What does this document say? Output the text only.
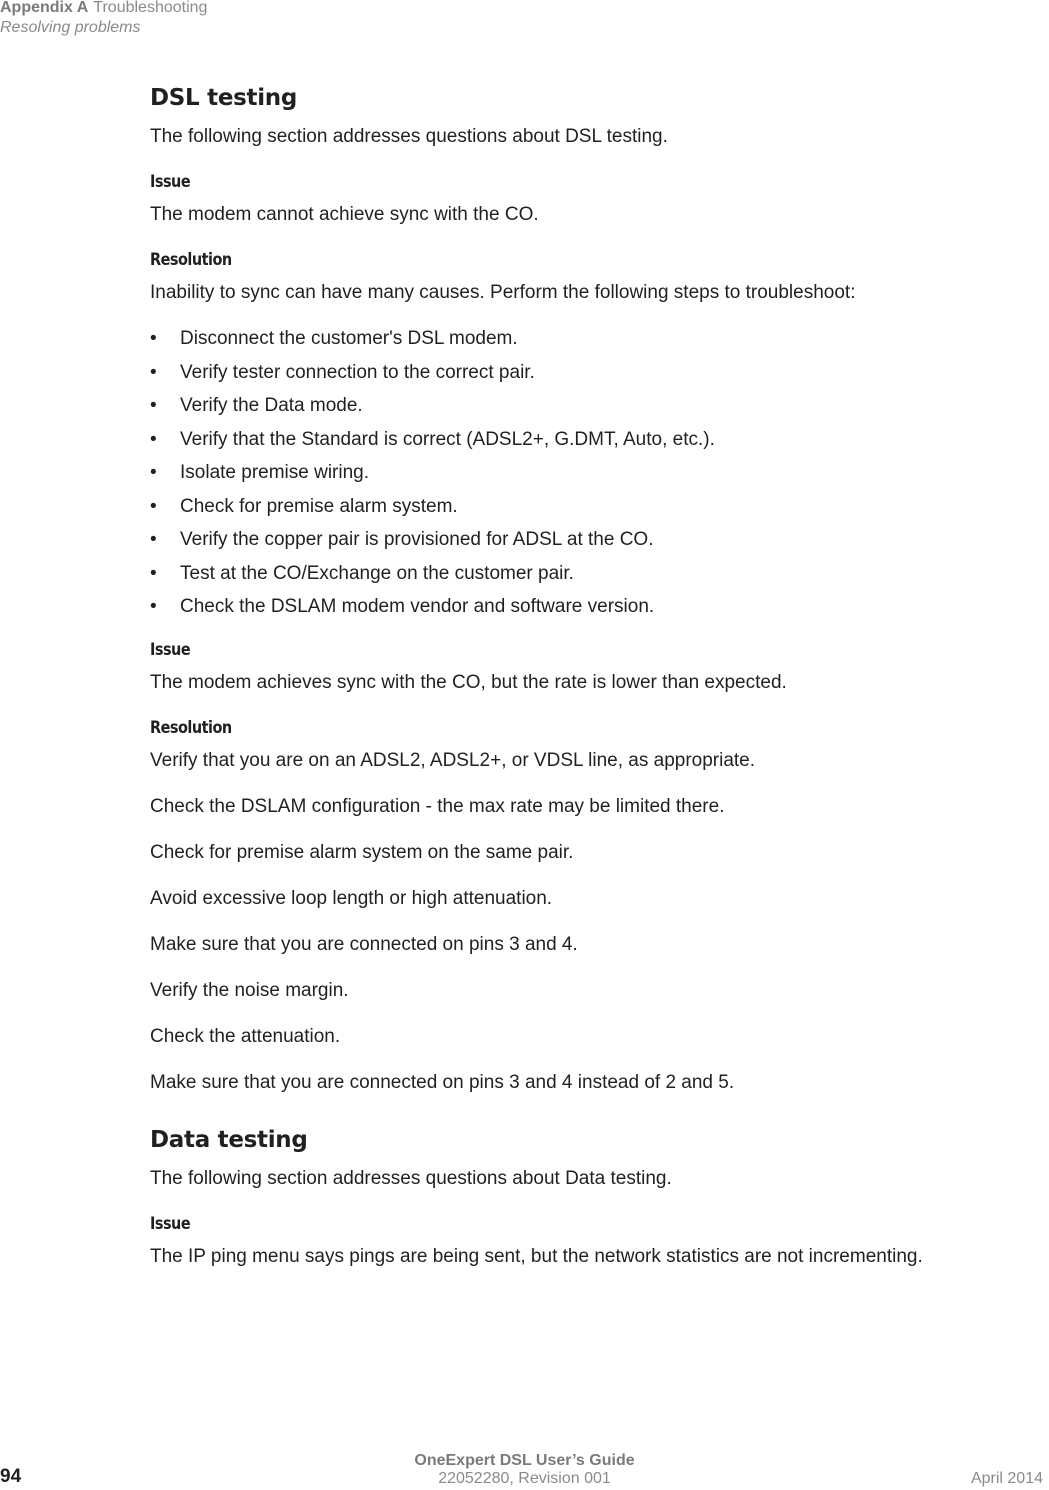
Appendix A Troubleshooting
Resolving problems
DSL testing

The following section addresses questions about DSL testing.

Issue

The modem cannot achieve sync with the CO.

Resolution

Inability to sync can have many causes. Perform the following steps to troubleshoot:

• Disconnect the customer's DSL modem.
• Verify tester connection to the correct pair.
• Verify the Data mode.
• Verify that the Standard is correct (ADSL2+, G.DMT, Auto, etc.).
• Isolate premise wiring.
• Check for premise alarm system.
• Verify the copper pair is provisioned for ADSL at the CO.
• Test at the CO/Exchange on the customer pair.
• Check the DSLAM modem vendor and software version.
Issue

The modem achieves sync with the CO, but the rate is lower than expected.

Resolution

Verify that you are on an ADSL2, ADSL2+, or VDSL line, as appropriate.

Check the DSLAM configuration - the max rate may be limited there.

Check for premise alarm system on the same pair.

Avoid excessive loop length or high attenuation.

Make sure that you are connected on pins 3 and 4.

Verify the noise margin.

Check the attenuation.

Make sure that you are connected on pins 3 and 4 instead of 2 and 5.

Data testing

The following section addresses questions about Data testing.

Issue

The IP ping menu says pings are being sent, but the network statistics are not incrementing.

OneExpert DSL User’s Guide
94	22052280, Revision 001	April 2014
